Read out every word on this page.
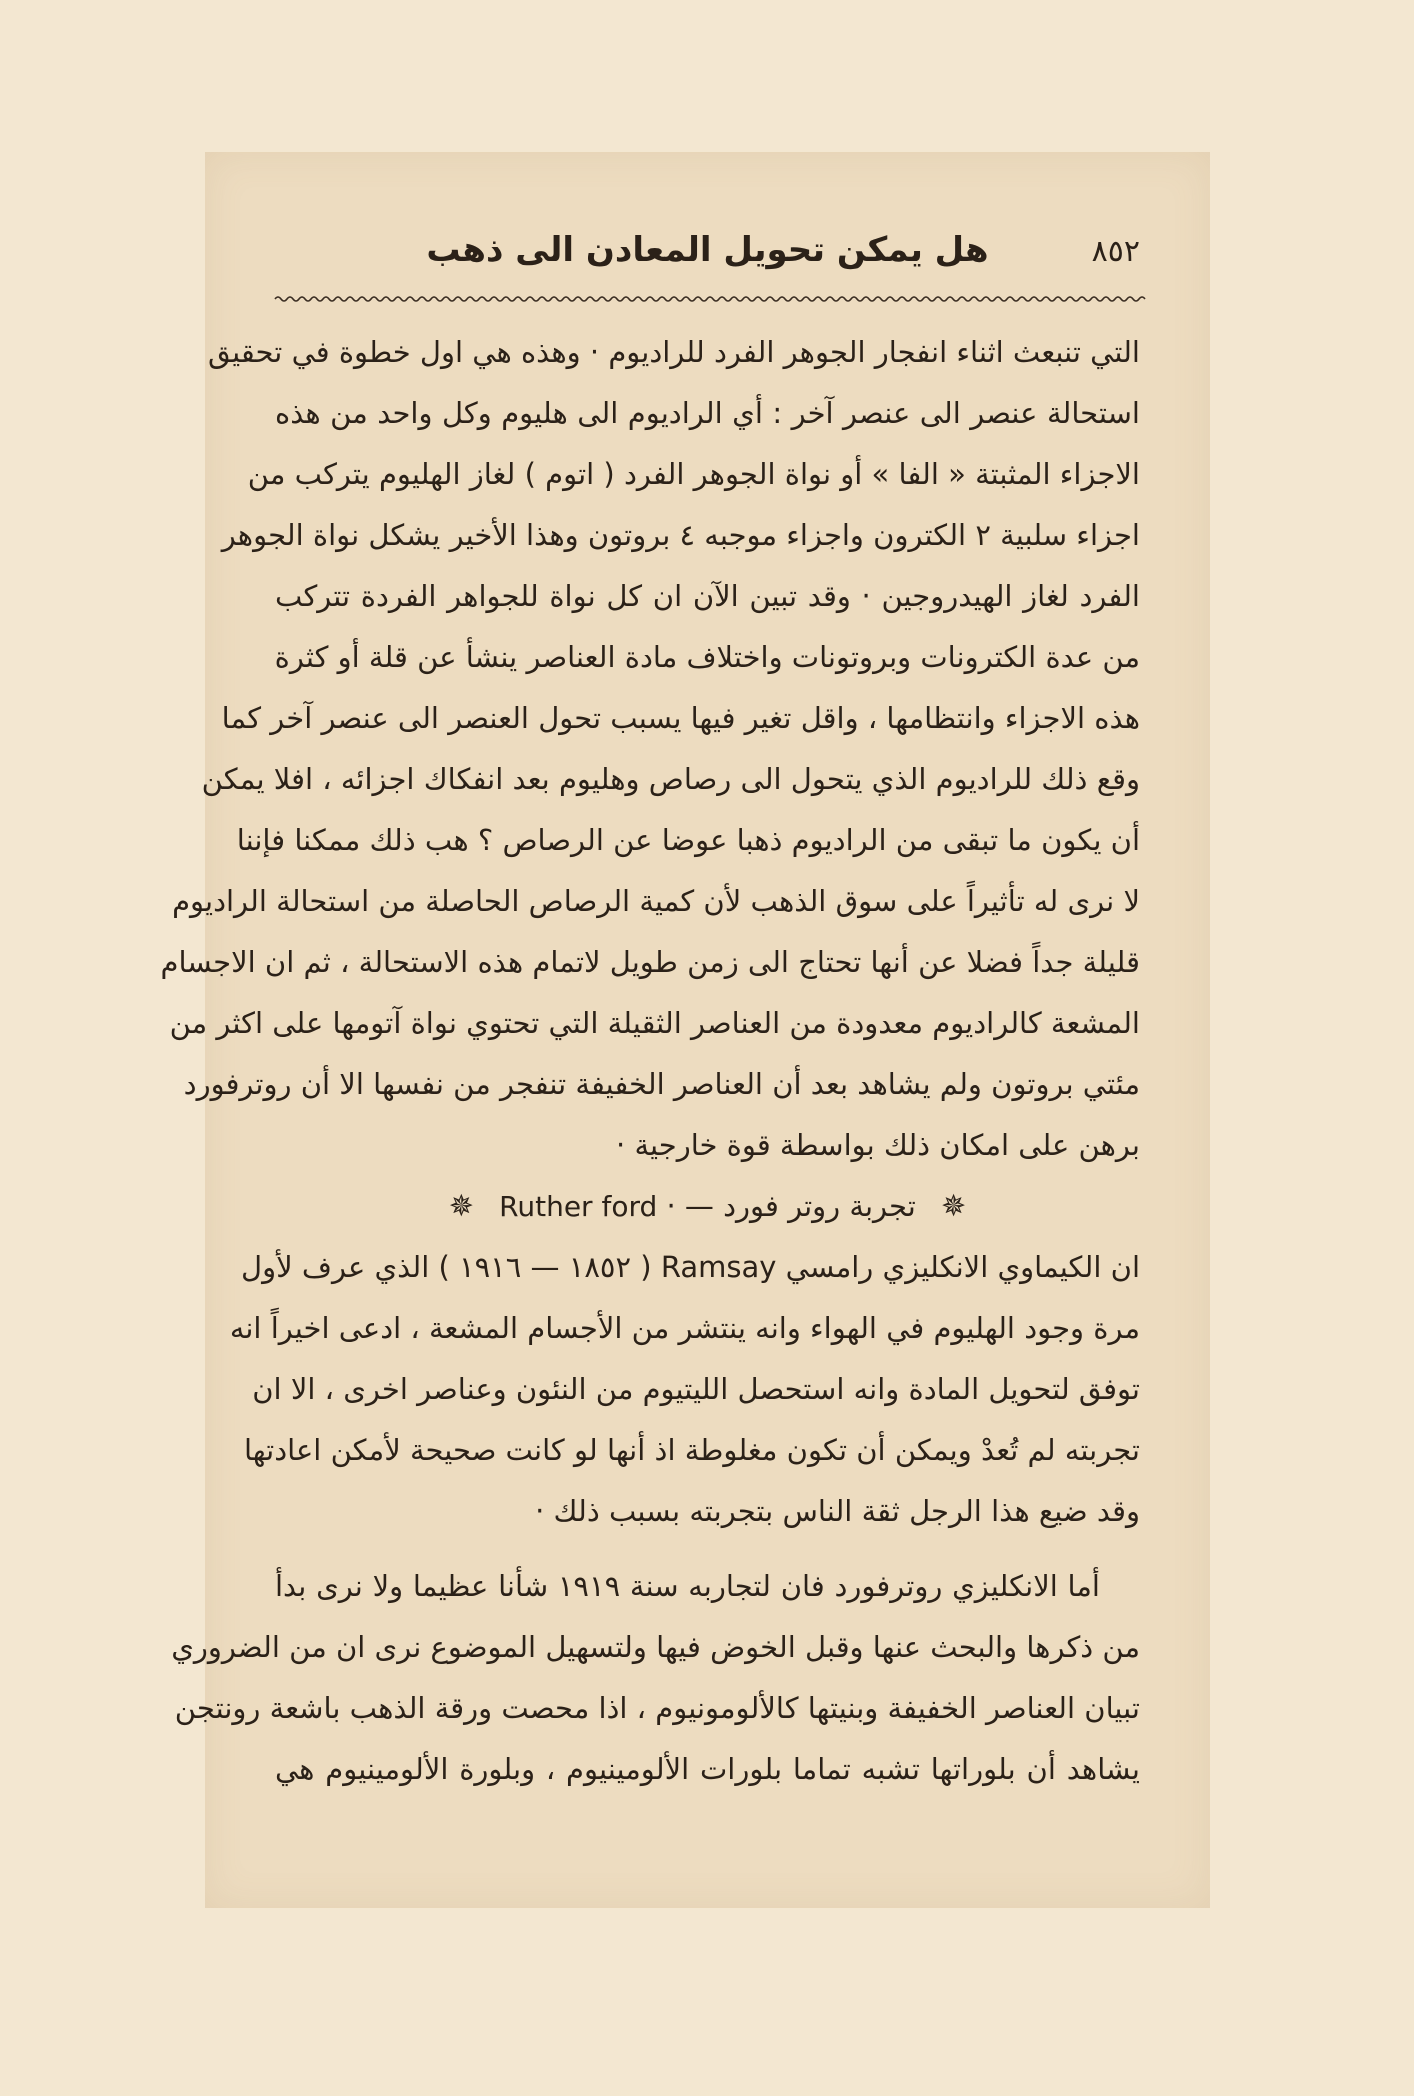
٨٥٢
هل يمكن تحويل المعادن الى ذهب
التي تنبعث اثناء انفجار الجوهر الفرد للراديوم · وهذه هي اول خطوة في تحقيق
استحالة عنصر الى عنصر آخر : أي الراديوم الى هليوم وكل واحد من هذه
الاجزاء المثبتة « الفا » أو نواة الجوهر الفرد ( اتوم ) لغاز الهليوم يتركب من
اجزاء سلبية ٢ الكترون واجزاء موجبه ٤ بروتون وهذا الأخير يشكل نواة الجوهر
الفرد لغاز الهيدروجين · وقد تبين الآن ان كل نواة للجواهر الفردة تتركب
من عدة الكترونات وبروتونات واختلاف مادة العناصر ينشأ عن قلة أو كثرة
هذه الاجزاء وانتظامها ، واقل تغير فيها يسبب تحول العنصر الى عنصر آخر كما
وقع ذلك للراديوم الذي يتحول الى رصاص وهليوم بعد انفكاك اجزائه ، افلا يمكن
أن يكون ما تبقى من الراديوم ذهبا عوضا عن الرصاص ؟ هب ذلك ممكنا فإننا
لا نرى له تأثيراً على سوق الذهب لأن كمية الرصاص الحاصلة من استحالة الراديوم
قليلة جداً فضلا عن أنها تحتاج الى زمن طويل لاتمام هذه الاستحالة ، ثم ان الاجسام
المشعة كالراديوم معدودة من العناصر الثقيلة التي تحتوي نواة آتومها على اكثر من
مئتي بروتون ولم يشاهد بعد أن العناصر الخفيفة تنفجر من نفسها الا أن روترفورد
برهن على امكان ذلك بواسطة قوة خارجية ·
✵ تجربة روتر فورد — · Ruther ford ✵
ان الكيماوي الانكليزي رامسي Ramsay ( ١٨٥٢ — ١٩١٦ ) الذي عرف لأول
مرة وجود الهليوم في الهواء وانه ينتشر من الأجسام المشعة ، ادعى اخيراً انه
توفق لتحويل المادة وانه استحصل الليتيوم من النئون وعناصر اخرى ، الا ان
تجربته لم تُعدْ ويمكن أن تكون مغلوطة اذ أنها لو كانت صحيحة لأمكن اعادتها
وقد ضيع هذا الرجل ثقة الناس بتجربته بسبب ذلك ·
أما الانكليزي روترفورد فان لتجاربه سنة ١٩١٩ شأنا عظيما ولا نرى بدأ
من ذكرها والبحث عنها وقبل الخوض فيها ولتسهيل الموضوع نرى ان من الضروري
تبيان العناصر الخفيفة وبنيتها كالألومونيوم ، اذا محصت ورقة الذهب باشعة رونتجن
يشاهد أن بلوراتها تشبه تماما بلورات الألومينيوم ، وبلورة الألومينيوم هي
